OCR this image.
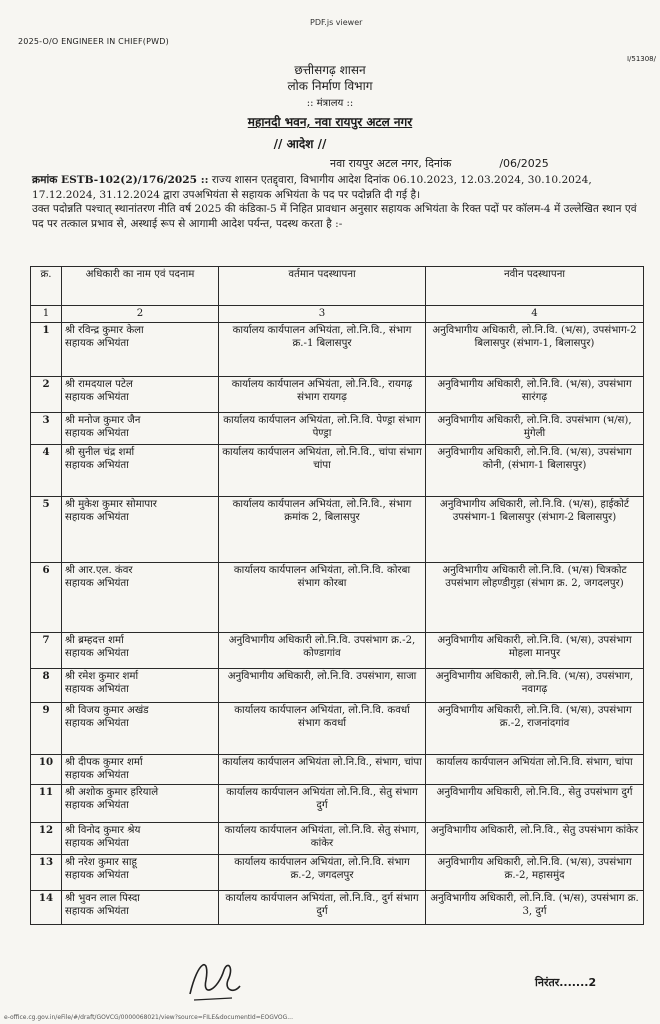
PDF.js viewer
2025-O/O ENGINEER IN CHIEF(PWD)
I/51308/
छत्तीसगढ़ शासन
लोक निर्माण विभाग
:: मंत्रालय ::
महानदी भवन, नवा रायपुर अटल नगर
// आदेश //
नवा रायपुर अटल नगर, दिनांक	/06/2025

क्रमांक ESTB-102(2)/176/2025 :: राज्य शासन एतद्द्वारा, विभागीय आदेश दिनांक 06.10.2023, 12.03.2024, 30.10.2024, 17.12.2024, 31.12.2024 द्वारा उपअभियंता से सहायक अभियंता के पद पर पदोन्नति दी गई है।

उक्त पदोन्नति पश्चात् स्थानांतरण नीति वर्ष 2025 की कंडिका-5 में निहित प्रावधान अनुसार सहायक अभियंता के रिक्त पदों पर कॉलम-4 में उल्लेखित स्थान एवं पद पर तत्काल प्रभाव से, अस्थाई रूप से आगामी आदेश पर्यन्त, पदस्थ करता है :-

क्र.	अधिकारी का नाम एवं पदनाम	वर्तमान पदस्थापना	नवीन पदस्थापना
1	2	3	4
1	श्री रविन्द्र कुमार केला
सहायक अभियंता	कार्यालय कार्यपालन अभियंता, लो.नि.वि., संभाग क्र.-1 बिलासपुर	अनुविभागीय अधिकारी, लो.नि.वि. (भ/स), उपसंभाग-2 बिलासपुर (संभाग-1, बिलासपुर)
2	श्री रामदयाल पटेल
सहायक अभियंता	कार्यालय कार्यपालन अभियंता, लो.नि.वि., रायगढ़ संभाग रायगढ़	अनुविभागीय अधिकारी, लो.नि.वि. (भ/स), उपसंभाग सारंगढ़
3	श्री मनोज कुमार जैन
सहायक अभियंता	कार्यालय कार्यपालन अभियंता, लो.नि.वि. पेण्ड्रा संभाग पेण्ड्रा	अनुविभागीय अधिकारी, लो.नि.वि. उपसंभाग (भ/स), मुंगेली
4	श्री सुनील चंद्र शर्मा
सहायक अभियंता	कार्यालय कार्यपालन अभियंता, लो.नि.वि., चांपा संभाग चांपा	अनुविभागीय अधिकारी, लो.नि.वि. (भ/स), उपसंभाग कोनी, (संभाग-1 बिलासपुर)
5	श्री मुकेश कुमार सोमापार
सहायक अभियंता	कार्यालय कार्यपालन अभियंता, लो.नि.वि., संभाग क्रमांक 2, बिलासपुर	अनुविभागीय अधिकारी, लो.नि.वि. (भ/स), हाईकोर्ट उपसंभाग-1 बिलासपुर (संभाग-2 बिलासपुर)
6	श्री आर.एल. कंवर
सहायक अभियंता	कार्यालय कार्यपालन अभियंता, लो.नि.वि. कोरबा संभाग कोरबा	अनुविभागीय अधिकारी लो.नि.वि. (भ/स) चित्रकोट उपसंभाग लोहण्डीगुड़ा (संभाग क्र. 2, जगदलपुर)
7	श्री ब्रम्हदत्त शर्मा
सहायक अभियंता	अनुविभागीय अधिकारी लो.नि.वि. उपसंभाग क्र.-2, कोण्डागांव	अनुविभागीय अधिकारी, लो.नि.वि. (भ/स), उपसंभाग मोहला मानपुर
8	श्री रमेश कुमार शर्मा
सहायक अभियंता	अनुविभागीय अधिकारी, लो.नि.वि. उपसंभाग, साजा	अनुविभागीय अधिकारी, लो.नि.वि. (भ/स), उपसंभाग, नवागढ़
9	श्री विजय कुमार अखंड
सहायक अभियंता	कार्यालय कार्यपालन अभियंता, लो.नि.वि. कवर्धा संभाग कवर्धा	अनुविभागीय अधिकारी, लो.नि.वि. (भ/स), उपसंभाग क्र.-2, राजनांदगांव
10	श्री दीपक कुमार शर्मा
सहायक अभियंता	कार्यालय कार्यपालन अभियंता लो.नि.वि., संभाग, चांपा	कार्यालय कार्यपालन अभियंता लो.नि.वि. संभाग, चांपा
11	श्री अशोक कुमार हरियाले
सहायक अभियंता	कार्यालय कार्यपालन अभियंता लो.नि.वि., सेतु संभाग दुर्ग	अनुविभागीय अधिकारी, लो.नि.वि., सेतु उपसंभाग दुर्ग
12	श्री विनोद कुमार श्रेय
सहायक अभियंता	कार्यालय कार्यपालन अभियंता, लो.नि.वि. सेतु संभाग, कांकेर	अनुविभागीय अधिकारी, लो.नि.वि., सेतु उपसंभाग कांकेर
13	श्री नरेश कुमार साहू
सहायक अभियंता	कार्यालय कार्यपालन अभियंता, लो.नि.वि. संभाग क्र.-2, जगदलपुर	अनुविभागीय अधिकारी, लो.नि.वि. (भ/स), उपसंभाग क्र.-2, महासमुंद
14	श्री भुवन लाल पिस्दा
सहायक अभियंता	कार्यालय कार्यपालन अभियंता, लो.नि.वि., दुर्ग संभाग दुर्ग	अनुविभागीय अधिकारी, लो.नि.वि. (भ/स), उपसंभाग क्र. 3, दुर्ग
निरंतर.......2
e-office.cg.gov.in/eFile/#/draft/GOVCG/0000068021/view?source=FILE&documentId=EOGVOG...
